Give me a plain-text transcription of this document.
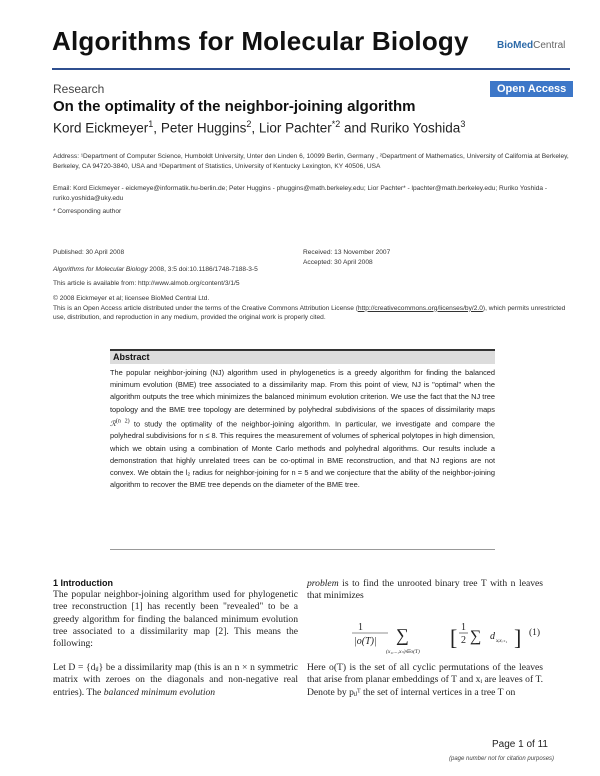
Algorithms for Molecular Biology	BioMedCentral
Research	Open Access
On the optimality of the neighbor-joining algorithm
Kord Eickmeyer$^1$, Peter Huggins$^2$, Lior Pachter$^{*2}$ and Ruriko Yoshida$^3$
Address: ¹Department of Computer Science, Humboldt University, Unter den Linden 6, 10099 Berlin, Germany , ²Department of Mathematics, University of California at Berkeley, Berkeley, CA 94720-3840, USA and ³Department of Statistics, University of Kentucky Lexington, KY 40506, USA
Email: Kord Eickmeyer - eickmeye@informatik.hu-berlin.de; Peter Huggins - phuggins@math.berkeley.edu; Lior Pachter* - lpachter@math.berkeley.edu; Ruriko Yoshida - ruriko.yoshida@uky.edu
* Corresponding author
Published: 30 April 2008	Received: 13 November 2007
Accepted: 30 April 2008
Algorithms for Molecular Biology 2008, 3:5 doi:10.1186/1748-7188-3-5
This article is available from: http://www.almob.org/content/3/1/5
© 2008 Eickmeyer et al; licensee BioMed Central Ltd.
This is an Open Access article distributed under the terms of the Creative Commons Attribution License (http://creativecommons.org/licenses/by/2.0), which permits unrestricted use, distribution, and reproduction in any medium, provided the original work is properly cited.
Abstract
The popular neighbor-joining (NJ) algorithm used in phylogenetics is a greedy algorithm for finding the balanced minimum evolution (BME) tree associated to a dissimilarity map. From this point of view, NJ is "optimal" when the algorithm outputs the tree which minimizes the balanced minimum evolution criterion. We use the fact that the NJ tree topology and the BME tree topology are determined by polyhedral subdivisions of the spaces of dissimilarity maps ℛ$^{(n 2)}$ to study the optimality of the neighbor-joining algorithm. In particular, we investigate and compare the polyhedral subdivisions for n ≤ 8. This requires the measurement of volumes of spherical polytopes in high dimension, which we obtain using a combination of Monte Carlo methods and polyhedral algorithms. Our results include a demonstration that highly unrelated trees can be co-optimal in BME reconstruction, and that NJ regions are not convex. We obtain the l₂ radius for neighbor-joining for n = 5 and we conjecture that the ability of the neighbor-joining algorithm to recover the BME tree depends on the diameter of the BME tree.
1 Introduction
The popular neighbor-joining algorithm used for phylogenetic tree reconstruction [1] has recently been "revealed" to be a greedy algorithm for finding the balanced minimum evolution tree associated to a dissimilarity map [2]. This means the following:
Let D = {dᵢⱼ} be a dissimilarity map (this is an n × n symmetric matrix with zeroes on the diagonals and non-negative real entries). The balanced minimum evolution
problem is to find the unrooted binary tree T with n leaves that minimizes
1
|o(T)| ∑
(x₁,...,xₙ)∈o(T)
[ 1
2 ∑ d xᵢxᵢ₊₁ ] (1)
Here o(T) is the set of all cyclic permutations of the leaves that arise from planar embeddings of T and xᵢ are leaves of T. Denote by pᵢⱼᵀ the set of internal vertices in a tree T on
Page 1 of 11
(page number not for citation purposes)
